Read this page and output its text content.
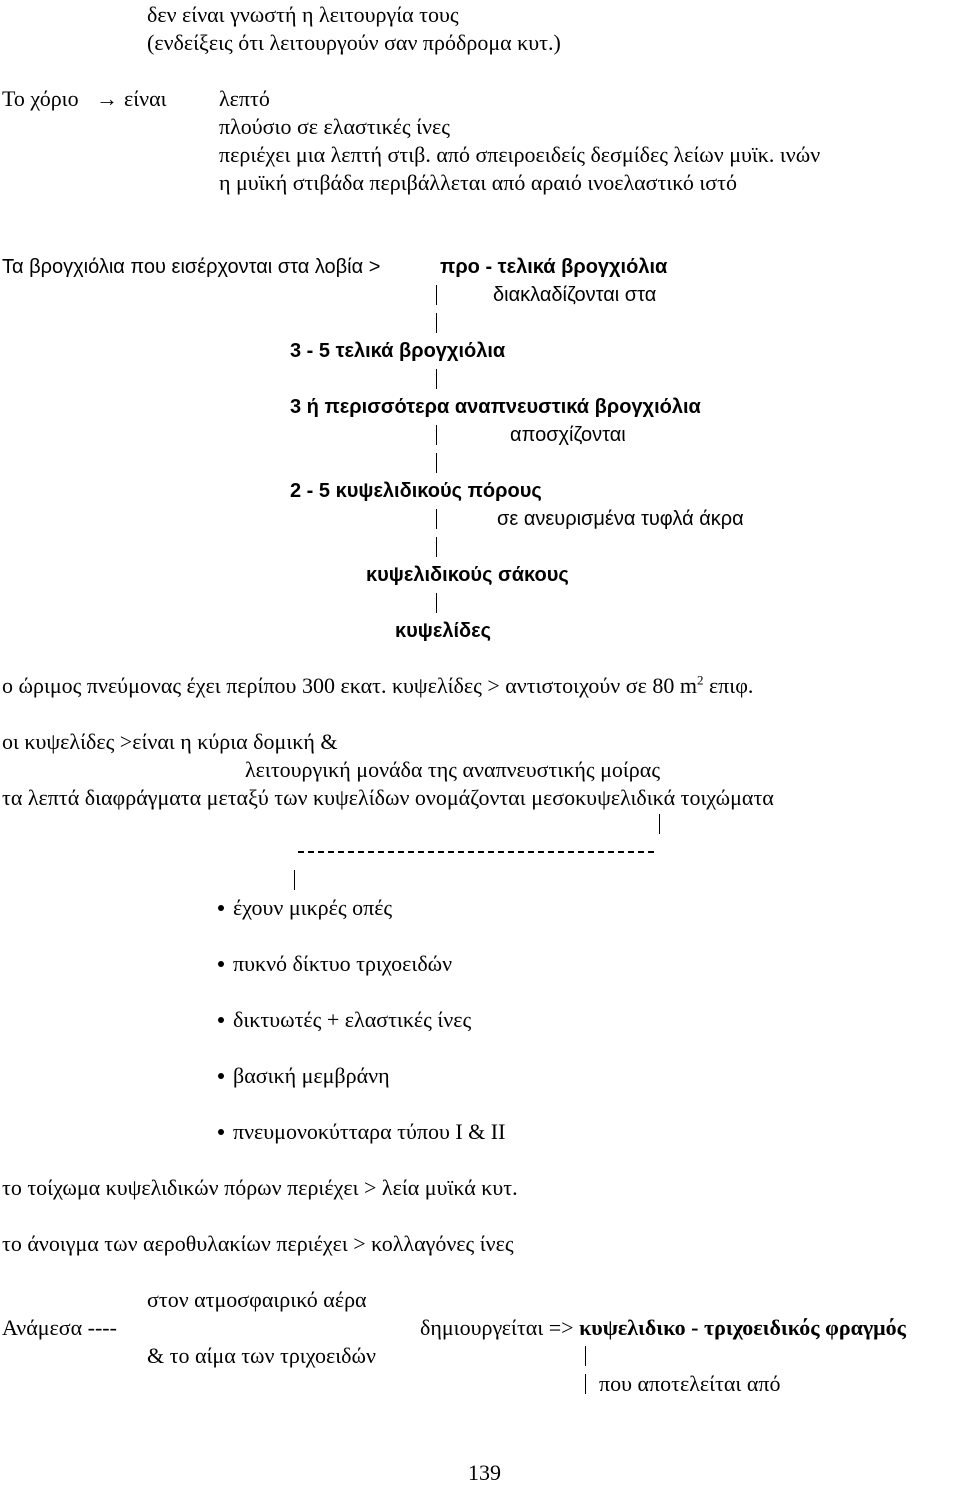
δεν είναι γνωστή η λειτουργία τους
(ενδείξεις ότι λειτουργούν σαν πρόδρομα κυτ.)
Το χόριο → είναι λεπτό
πλούσιο σε ελαστικές ίνες
περιέχει μια λεπτή στιβ. από σπειροειδείς δεσμίδες λείων μυϊκ. ινών
η μυϊκή στιβάδα περιβάλλεται από αραιό ινοελαστικό ιστό
Τα βρογχιόλια που εισέρχονται στα λοβία >	προ - τελικά βρογχιόλια
διακλαδίζονται στα
3 - 5 τελικά βρογχιόλια
3 ή περισσότερα αναπνευστικά βρογχιόλια
αποσχίζονται
2 - 5 κυψελιδικούς πόρους
σε ανευρισμένα τυφλά άκρα
κυψελιδικούς σάκους
κυψελίδες
ο ώριμος πνεύμονας έχει περίπου 300 εκατ. κυψελίδες > αντιστοιχούν σε 80 $m^2$ επιφ.
οι κυψελίδες >είναι η κύρια δομική &
λειτουργική μονάδα της αναπνευστικής μοίρας
τα λεπτά διαφράγματα μεταξύ των κυψελίδων ονομάζονται μεσοκυψελιδικά τοιχώματα
έχουν μικρές οπές
πυκνό δίκτυο τριχοειδών
δικτυωτές + ελαστικές ίνες
βασική μεμβράνη
πνευμονοκύτταρα τύπου Ι & ΙΙ
το τοίχωμα κυψελιδικών πόρων περιέχει > λεία μυϊκά κυτ.
το άνοιγμα των αεροθυλακίων περιέχει > κολλαγόνες ίνες
στον ατμοσφαιρικό αέρα
Ανάμεσα ----	δημιουργείται => κυψελιδικο - τριχοειδικός φραγμός
& το αίμα των τριχοειδών
που αποτελείται από
139
